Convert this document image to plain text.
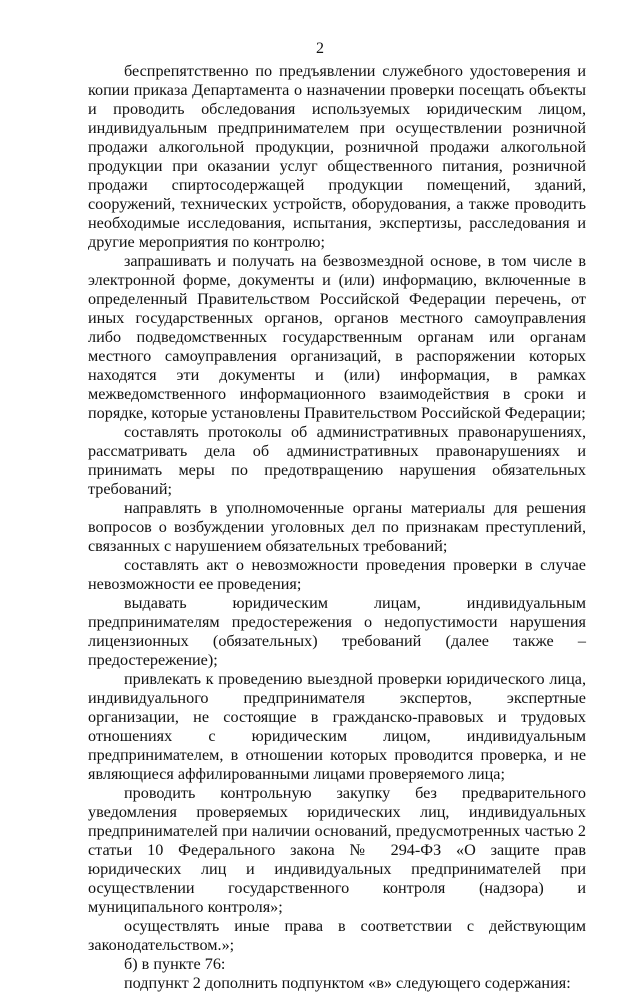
2

беспрепятственно по предъявлении служебного удостоверения и копии приказа Департамента о назначении проверки посещать объекты и проводить обследования используемых юридическим лицом, индивидуальным предпринимателем при осуществлении розничной продажи алкогольной продукции, розничной продажи алкогольной продукции при оказании услуг общественного питания, розничной продажи спиртосодержащей продукции помещений, зданий, сооружений, технических устройств, оборудования, а также проводить необходимые исследования, испытания, экспертизы, расследования и другие мероприятия по контролю;

запрашивать и получать на безвозмездной основе, в том числе в электронной форме, документы и (или) информацию, включенные в определенный Правительством Российской Федерации перечень, от иных государственных органов, органов местного самоуправления либо подведомственных государственным органам или органам местного самоуправления организаций, в распоряжении которых находятся эти документы и (или) информация, в рамках межведомственного информационного взаимодействия в сроки и порядке, которые установлены Правительством Российской Федерации;

составлять протоколы об административных правонарушениях, рассматривать дела об административных правонарушениях и принимать меры по предотвращению нарушения обязательных требований;

направлять в уполномоченные органы материалы для решения вопросов о возбуждении уголовных дел по признакам преступлений, связанных с нарушением обязательных требований;

составлять акт о невозможности проведения проверки в случае невозможности ее проведения;

выдавать юридическим лицам, индивидуальным предпринимателям предостережения о недопустимости нарушения лицензионных (обязательных) требований (далее также – предостережение);

привлекать к проведению выездной проверки юридического лица, индивидуального предпринимателя экспертов, экспертные организации, не состоящие в гражданско-правовых и трудовых отношениях с юридическим лицом, индивидуальным предпринимателем, в отношении которых проводится проверка, и не являющиеся аффилированными лицами проверяемого лица;

проводить контрольную закупку без предварительного уведомления проверяемых юридических лиц, индивидуальных предпринимателей при наличии оснований, предусмотренных частью 2 статьи 10 Федерального закона № 294-ФЗ «О защите прав юридических лиц и индивидуальных предпринимателей при осуществлении государственного контроля (надзора) и муниципального контроля»;

осуществлять иные права в соответствии с действующим законодательством.»;

б) в пункте 76:

подпункт 2 дополнить подпунктом «в» следующего содержания:
